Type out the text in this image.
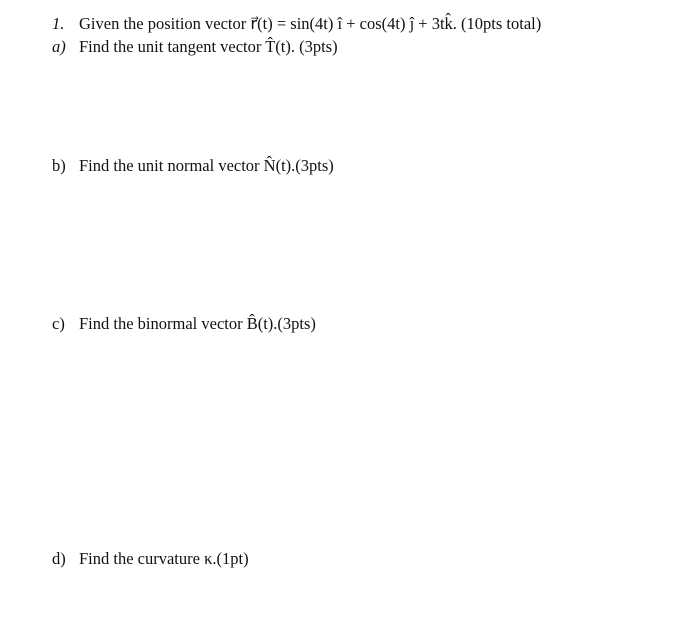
1. Given the position vector r⃗(t) = sin(4t) î + cos(4t) ĵ + 3tk̂. (10pts total)
a) Find the unit tangent vector T̂(t). (3pts)
b) Find the unit normal vector N̂(t).(3pts)
c) Find the binormal vector B̂(t).(3pts)
d) Find the curvature κ.(1pt)
